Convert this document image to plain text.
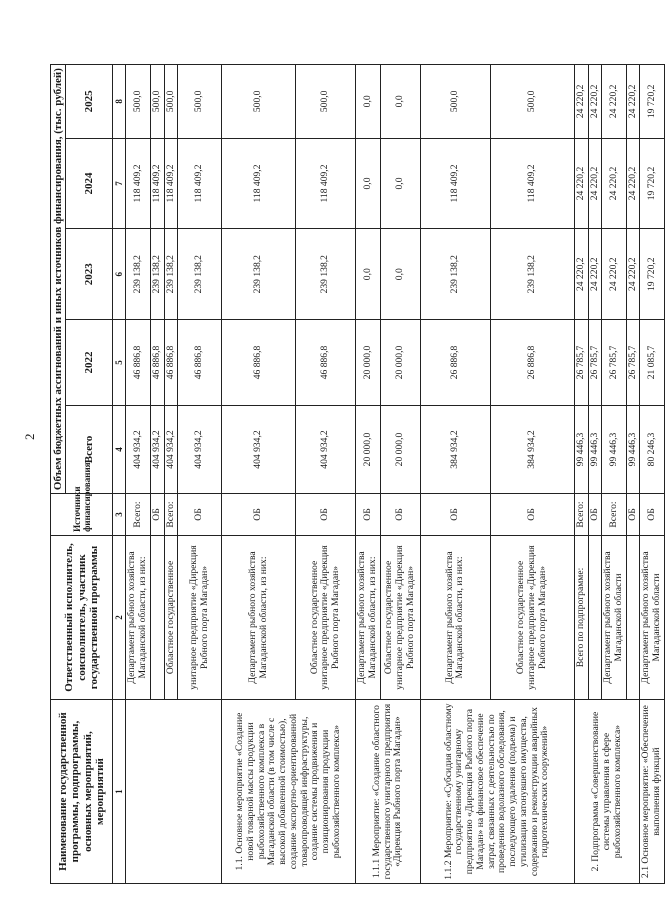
2
Наименование государственной программы, подпрограммы, основных мероприятий, мероприятий	Ответственный исполнитель, соисполнитель, участник государственной программы	Источники финансирования	Объем бюджетных ассигнований и иных источников финансирования, (тыс. рублей)				
			Всего	2022	2023	2024	2025
1	2	3	4	5	6	7	8
	Департамент рыбного хозяйства Магаданской области, из них:	Всего:	404 934,2	46 886,8	239 138,2	118 409,2	500,0
		ОБ	404 934,2	46 886,8	239 138,2	118 409,2	500,0
	Областное государственное	Всего:	404 934,2	46 886,8	239 138,2	118 409,2	500,0
	унитарное предприятие «Дирекция Рыбного порта Магадан»	ОБ	404 934,2	46 886,8	239 138,2	118 409,2	500,0
1.1. Основное мероприятие «Создание новой товарной массы продукции рыбохозяйственного комплекса в Магаданской области (в том числе с высокой добавленной стоимостью), создание экспортно-ориентированной товаропроводящей инфраструктуры, создание системы продвижения и позиционирования продукции рыбохозяйственного комплекса»	Департамент рыбного хозяйства Магаданской области, из них:	ОБ	404 934,2	46 886,8	239 138,2	118 409,2	500,0
	Областное государственное унитарное предприятие «Дирекция Рыбного порта Магадан»	ОБ	404 934,2	46 886,8	239 138,2	118 409,2	500,0
1.1.1 Мероприятие: «Создание областного государственного унитарного предприятия «Дирекция Рыбного порта Магадан»	Департамент рыбного хозяйства Магаданской области, из них:	ОБ	20 000,0	20 000,0	0,0	0,0	0,0
	Областное государственное унитарное предприятие «Дирекция Рыбного порта Магадан»	ОБ	20 000,0	20 000,0	0,0	0,0	0,0
1.1.2 Мероприятие: «Субсидия областному государственному унитарному предприятию «Дирекция Рыбного порта Магадан» на финансовое обеспечение затрат, связанных с деятельностью по проведению водолазного обследования, последующего удаления (подъема) и утилизации затонувшего имущества, содержанию и реконструкции аварийных гидротехнических сооружений»	Департамент рыбного хозяйства Магаданской области, из них:	ОБ	384 934,2	26 886,8	239 138,2	118 409,2	500,0
	Областное государственное унитарное предприятие «Дирекция Рыбного порта Магадан»	ОБ	384 934,2	26 886,8	239 138,2	118 409,2	500,0
2. Подпрограмма «Совершенствование системы управления в сфере рыбохозяйственного комплекса»	Всего по подпрограмме:	Всего:	99 446,3	26 785,7	24 220,2	24 220,2	24 220,2
		ОБ	99 446,3	26 785,7	24 220,2	24 220,2	24 220,2
	Департамент рыбного хозяйства Магаданской области	Всего:	99 446,3	26 785,7	24 220,2	24 220,2	24 220,2
		ОБ	99 446,3	26 785,7	24 220,2	24 220,2	24 220,2
2.1 Основное мероприятие: «Обеспечение выполнения функций	Департамент рыбного хозяйства Магаданской области	ОБ	80 246,3	21 085,7	19 720,2	19 720,2	19 720,2
